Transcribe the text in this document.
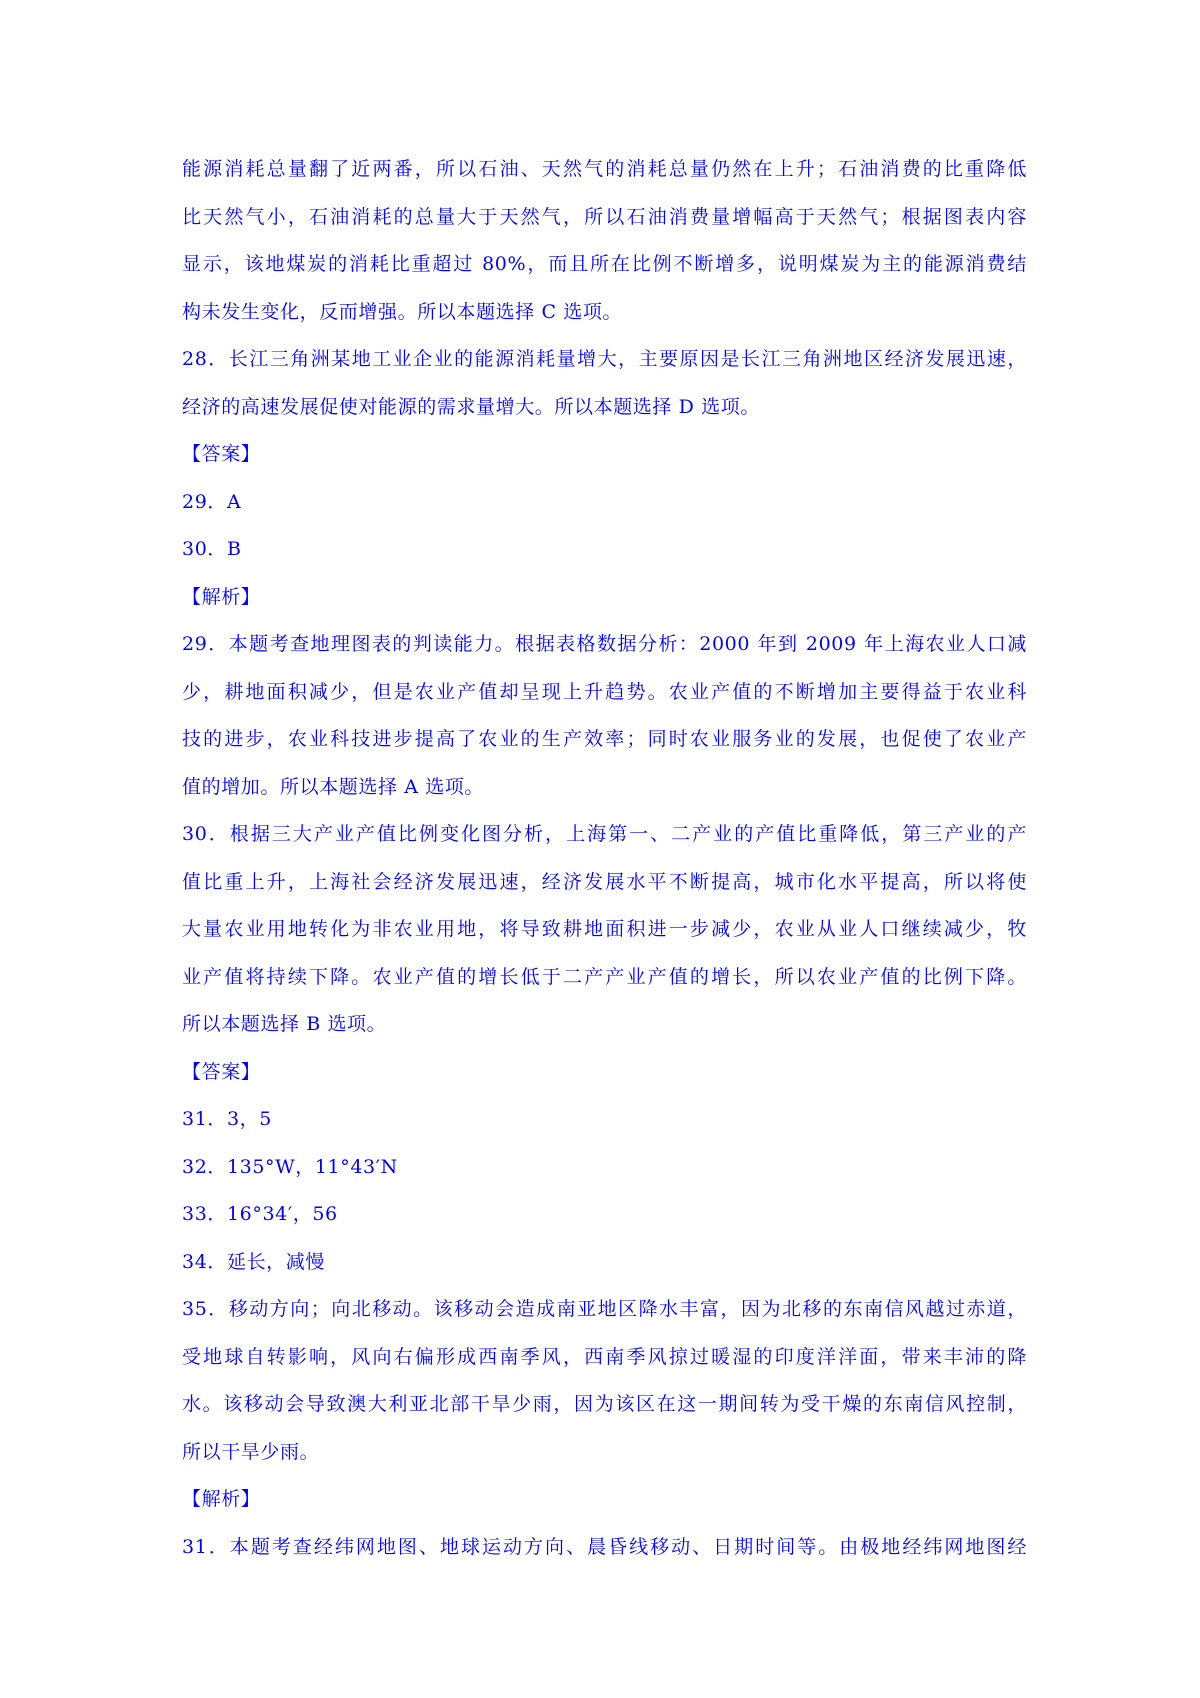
能源消耗总量翻了近两番，所以石油、天然气的消耗总量仍然在上升；石油消费的比重降低
比天然气小，石油消耗的总量大于天然气，所以石油消费量增幅高于天然气；根据图表内容
显示，该地煤炭的消耗比重超过 80%，而且所在比例不断增多，说明煤炭为主的能源消费结
构未发生变化，反而增强。所以本题选择 C 选项。
28．长江三角洲某地工业企业的能源消耗量增大，主要原因是长江三角洲地区经济发展迅速，
经济的高速发展促使对能源的需求量增大。所以本题选择 D 选项。
【答案】
29．A
30．B
【解析】
29．本题考查地理图表的判读能力。根据表格数据分析：2000 年到 2009 年上海农业人口减
少，耕地面积减少，但是农业产值却呈现上升趋势。农业产值的不断增加主要得益于农业科
技的进步，农业科技进步提高了农业的生产效率；同时农业服务业的发展，也促使了农业产
值的增加。所以本题选择 A 选项。
30．根据三大产业产值比例变化图分析，上海第一、二产业的产值比重降低，第三产业的产
值比重上升，上海社会经济发展迅速，经济发展水平不断提高，城市化水平提高，所以将使
大量农业用地转化为非农业用地，将导致耕地面积进一步减少，农业从业人口继续减少，牧
业产值将持续下降。农业产值的增长低于二产产业产值的增长，所以农业产值的比例下降。
所以本题选择 B 选项。
【答案】
31．3，5
32．135°W，11°43′N
33．16°34′，56
34．延长，减慢
35．移动方向；向北移动。该移动会造成南亚地区降水丰富，因为北移的东南信风越过赤道，
受地球自转影响，风向右偏形成西南季风，西南季风掠过暖湿的印度洋洋面，带来丰沛的降
水。该移动会导致澳大利亚北部干旱少雨，因为该区在这一期间转为受干燥的东南信风控制，
所以干旱少雨。
【解析】
31．本题考查经纬网地图、地球运动方向、晨昏线移动、日期时间等。由极地经纬网地图经
